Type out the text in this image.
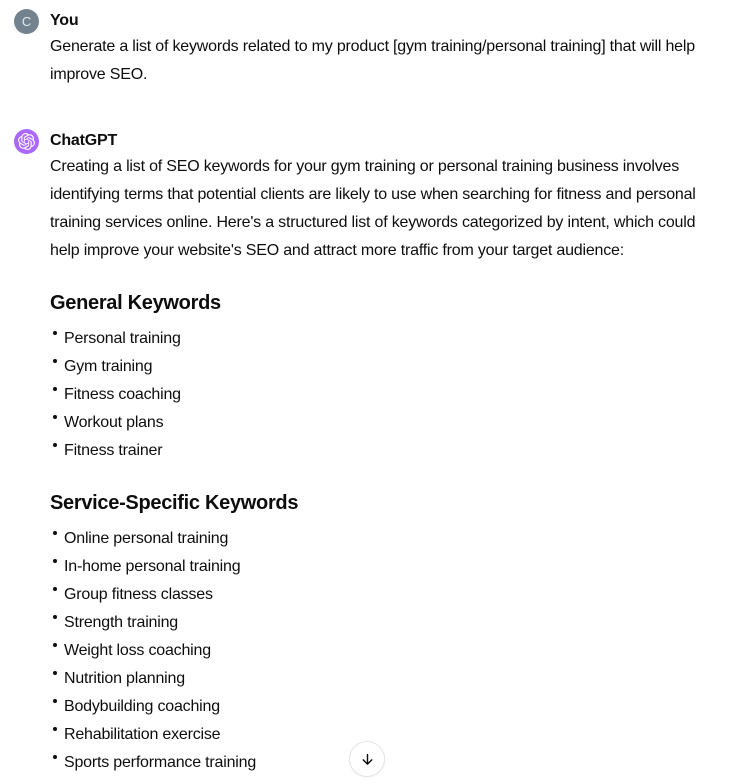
C You

Generate a list of keywords related to my product [gym training/personal training] that will help improve SEO.

ChatGPT

Creating a list of SEO keywords for your gym training or personal training business involves identifying terms that potential clients are likely to use when searching for fitness and personal training services online. Here's a structured list of keywords categorized by intent, which could help improve your website's SEO and attract more traffic from your target audience:

General Keywords
Personal training
Gym training
Fitness coaching
Workout plans
Fitness trainer
Service-Specific Keywords
Online personal training
In-home personal training
Group fitness classes
Strength training
Weight loss coaching
Nutrition planning
Bodybuilding coaching
Rehabilitation exercise
Sports performance training
